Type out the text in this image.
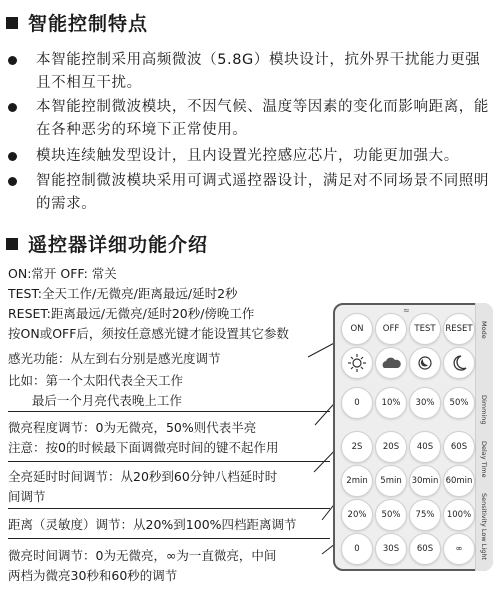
智能控制特点
本智能控制采用高频微波（5.8G）模块设计，抗外界干扰能力更强且不相互干扰。
本智能控制微波模块，不因气候、温度等因素的变化而影响距离，能在各种恶劣的环境下正常使用。
模块连续触发型设计，且内设置光控感应芯片，功能更加强大。
智能控制微波模块采用可调式遥控器设计，满足对不同场景不同照明的需求。
遥控器详细功能介绍
ON:常开 OFF: 常关
TEST:全天工作/无微亮/距离最远/延时2秒
RESET:距离最远/无微亮/延时20秒/傍晚工作
按ON或OFF后，须按任意感光键才能设置其它参数
感光功能：从左到右分别是感光度调节
比如：第一个太阳代表全天工作
最后一个月亮代表晚上工作
微亮程度调节：0为无微亮，50%则代表半亮
注意：按0的时候最下面调微亮时间的键不起作用
全亮延时时间调节：从20秒到60分钟八档延时时
间调节
距离（灵敏度）调节：从20%到100%四档距离调节
微亮时间调节：0为无微亮，∞为一直微亮，中间
两档为微亮30秒和60秒的调节
≈
ON	OFF	TEST	RESET
0	10%	30%	50%
2S	20S	40S	60S
2min	5min	30min 60min
20%	50%	75%	100%
0	30S	60S	∞
Mode
Dimming
Delay Time
Sensitivity Low Light
